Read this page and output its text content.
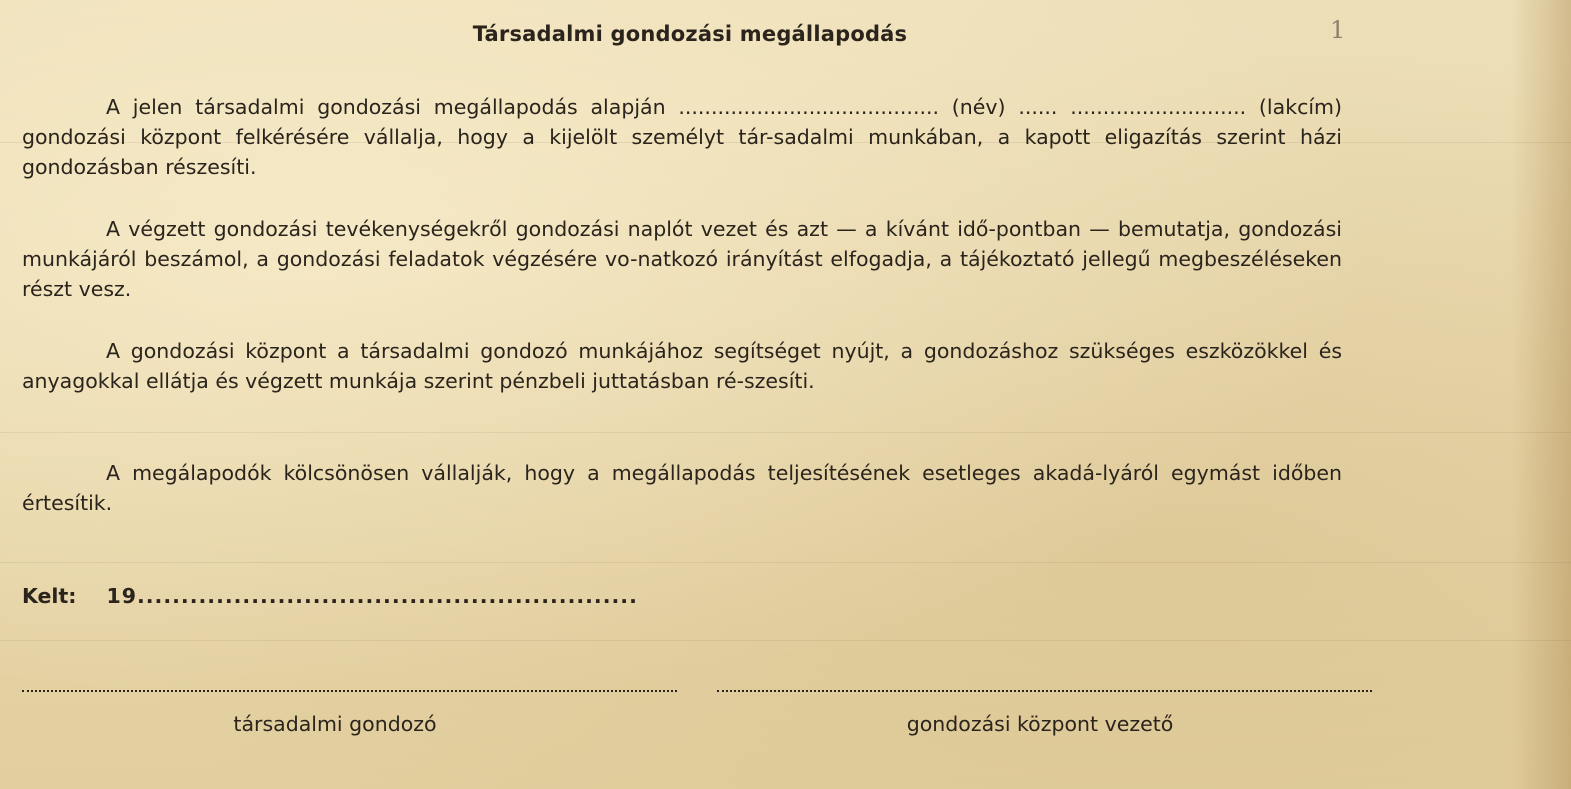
Társadalmi gondozási megállapodás	1
A jelen társadalmi gondozási megállapodás alapján ........................................ (név) ...... ........................... (lakcím) gondozási központ felkérésére vállalja, hogy a kijelölt személyt tár-sadalmi munkában, a kapott eligazítás szerint házi gondozásban részesíti.
A végzett gondozási tevékenységekről gondozási naplót vezet és azt — a kívánt idő-pontban — bemutatja, gondozási munkájáról beszámol, a gondozási feladatok végzésére vo-natkozó irányítást elfogadja, a tájékoztató jellegű megbeszéléseken részt vesz.
A gondozási központ a társadalmi gondozó munkájához segítséget nyújt, a gondozáshoz szükséges eszközökkel és anyagokkal ellátja és végzett munkája szerint pénzbeli juttatásban ré-szesíti.
A megálapodók kölcsönösen vállalják, hogy a megállapodás teljesítésének esetleges akadá-lyáról egymást időben értesítik.
Kelt: 19.........................................................
társadalmi gondozó	gondozási központ vezető
